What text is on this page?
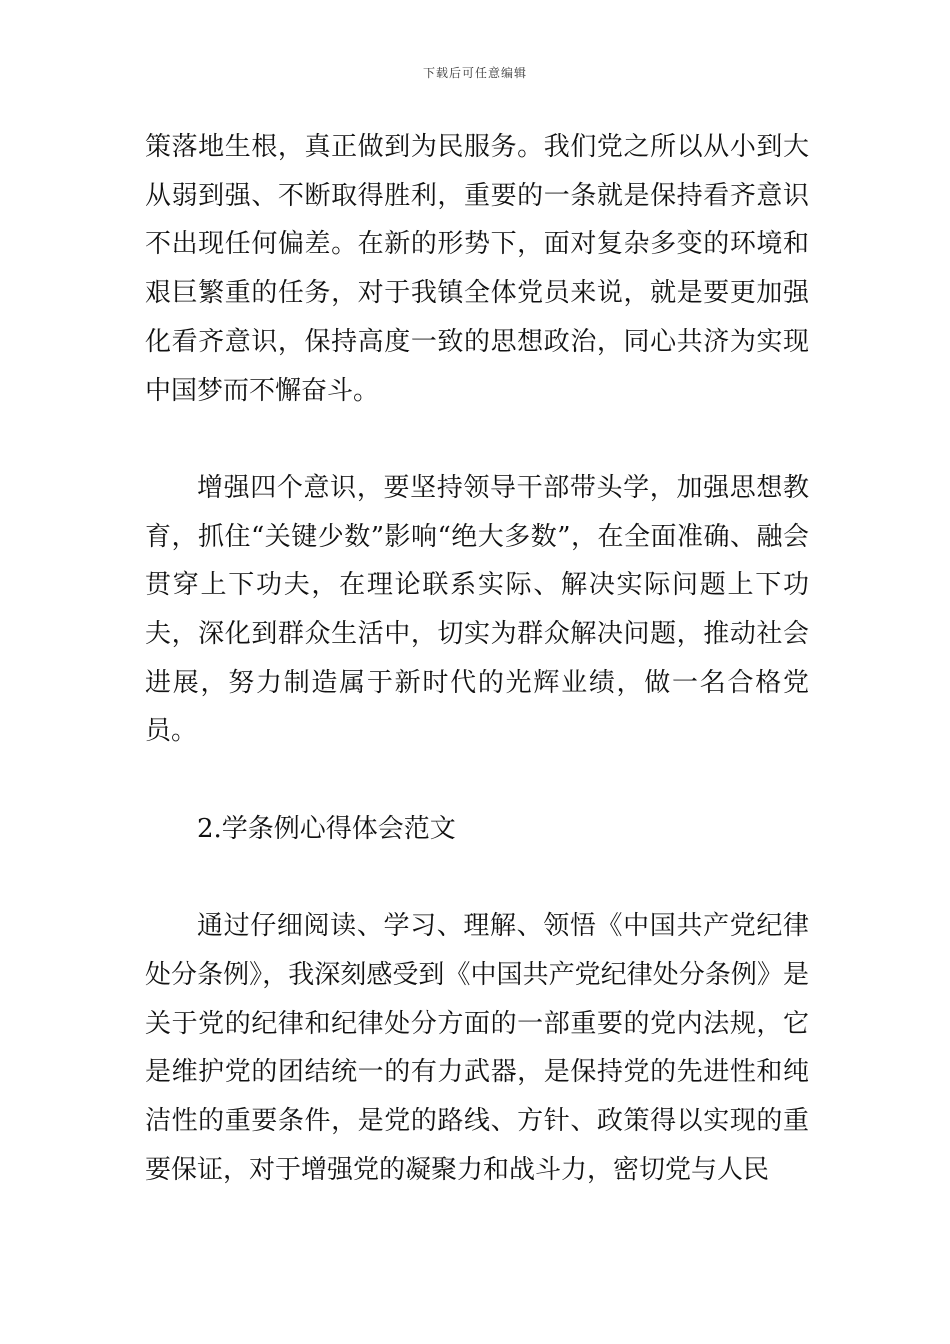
下载后可任意编辑

策落地生根，真正做到为民服务。我们党之所以从小到大从弱到强、不断取得胜利，重要的一条就是保持看齐意识不出现任何偏差。在新的形势下，面对复杂多变的环境和艰巨繁重的任务，对于我镇全体党员来说，就是要更加强化看齐意识，保持高度一致的思想政治，同心共济为实现中国梦而不懈奋斗。

增强四个意识，要坚持领导干部带头学，加强思想教育，抓住“关键少数”影响“绝大多数”，在全面准确、融会贯穿上下功夫，在理论联系实际、解决实际问题上下功夫，深化到群众生活中，切实为群众解决问题，推动社会进展，努力制造属于新时代的光辉业绩，做一名合格党员。

2.学条例心得体会范文

通过仔细阅读、学习、理解、领悟《中国共产党纪律处分条例》，我深刻感受到《中国共产党纪律处分条例》是关于党的纪律和纪律处分方面的一部重要的党内法规，它是维护党的团结统一的有力武器，是保持党的先进性和纯洁性的重要条件，是党的路线、方针、政策得以实现的重要保证，对于增强党的凝聚力和战斗力，密切党与人民
